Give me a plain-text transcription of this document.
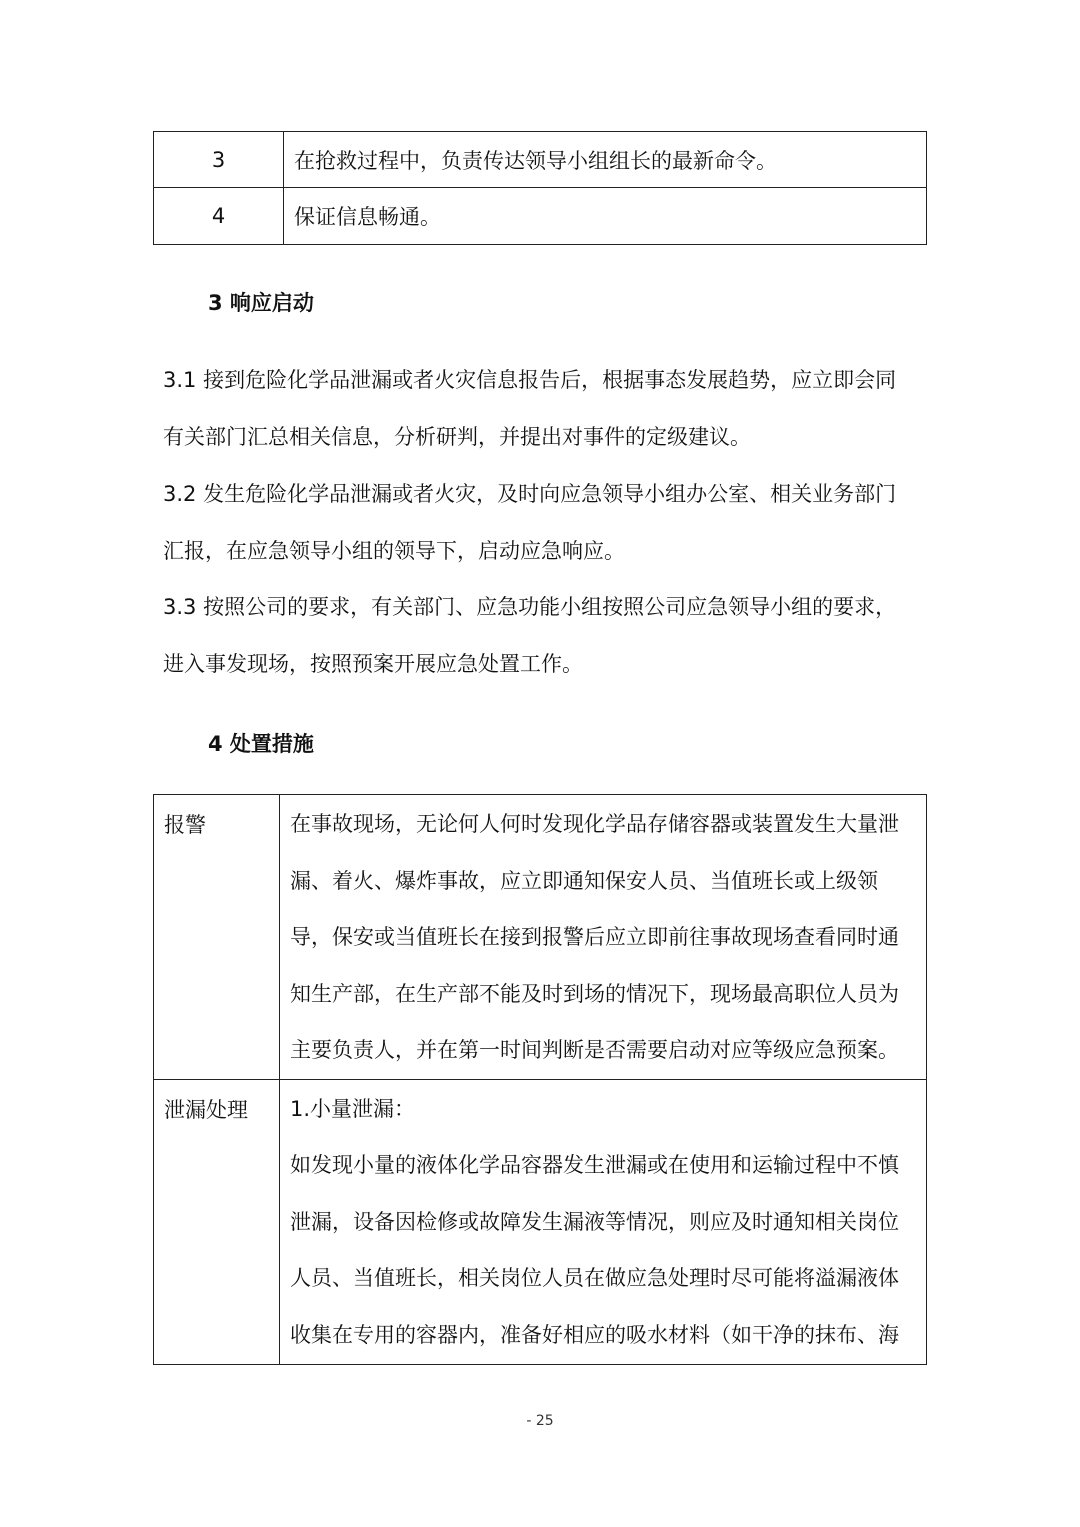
3	在抢救过程中，负责传达领导小组组长的最新命令。
4	保证信息畅通。
3 响应启动

3.1 接到危险化学品泄漏或者火灾信息报告后，根据事态发展趋势，应立即会同
有关部门汇总相关信息，分析研判，并提出对事件的定级建议。

3.2 发生危险化学品泄漏或者火灾，及时向应急领导小组办公室、相关业务部门
汇报，在应急领导小组的领导下，启动应急响应。

3.3 按照公司的要求，有关部门、应急功能小组按照公司应急领导小组的要求，
进入事发现场，按照预案开展应急处置工作。

4 处置措施
报警	在事故现场，无论何人何时发现化学品存储容器或装置发生大量泄
漏、着火、爆炸事故，应立即通知保安人员、当值班长或上级领
导，保安或当值班长在接到报警后应立即前往事故现场查看同时通
知生产部，在生产部不能及时到场的情况下，现场最高职位人员为
主要负责人，并在第一时间判断是否需要启动对应等级应急预案。

泄漏处理	1.小量泄漏：
如发现小量的液体化学品容器发生泄漏或在使用和运输过程中不慎
泄漏，设备因检修或故障发生漏液等情况，则应及时通知相关岗位
人员、当值班长，相关岗位人员在做应急处理时尽可能将溢漏液体
收集在专用的容器内，准备好相应的吸水材料（如干净的抹布、海
- 25
